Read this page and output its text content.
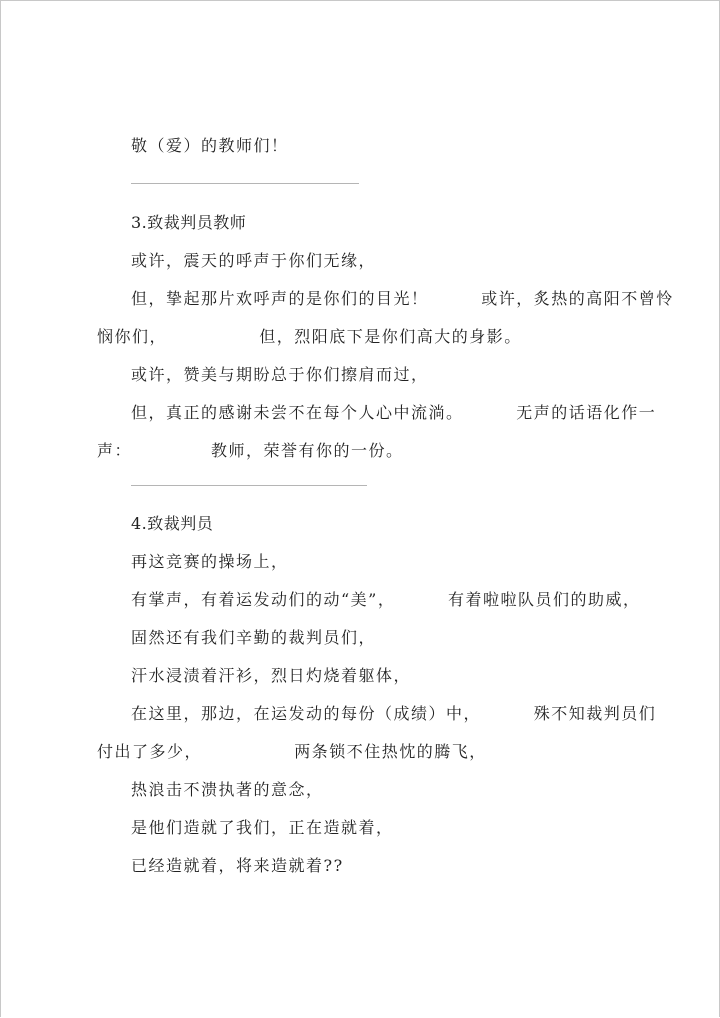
敬（爱）的教师们！
3.致裁判员教师
或许，震天的呼声于你们无缘，
但，挚起那片欢呼声的是你们的目光！        或许，炙热的高阳不曾怜
悯你们，              但，烈阳底下是你们高大的身影。
或许，赞美与期盼总于你们擦肩而过，
但，真正的感谢未尝不在每个人心中流淌。        无声的话语化作一
声：            教师，荣誉有你的一份。
4.致裁判员
再这竞赛的操场上，
有掌声，有着运发动们的动“美”，        有着啦啦队员们的助威，
固然还有我们辛勤的裁判员们，
汗水浸渍着汗衫，烈日灼烧着躯体，
在这里，那边，在运发动的每份（成绩）中，        殊不知裁判员们
付出了多少，              两条锁不住热忱的腾飞，
热浪击不溃执著的意念，
是他们造就了我们，正在造就着，
已经造就着，将来造就着??
